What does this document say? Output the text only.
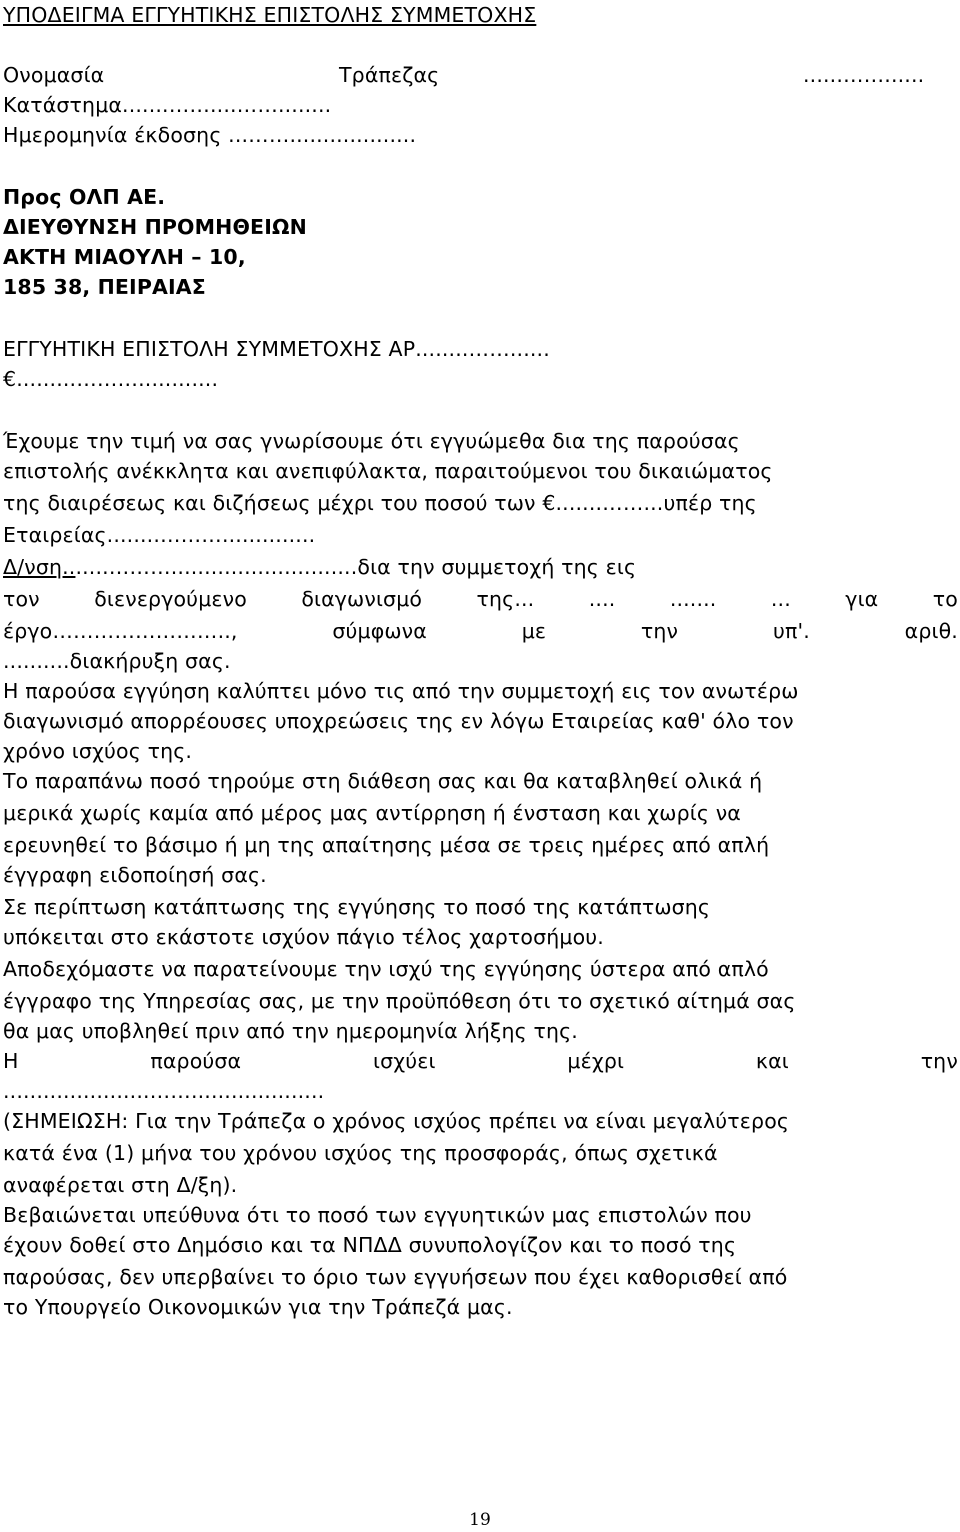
ΥΠΟΔΕΙΓΜΑ ΕΓΓΥΗΤΙΚΗΣ ΕΠΙΣΤΟΛΗΣ ΣΥΜΜΕΤΟΧΗΣ
Ονομασία	Τράπεζας	......……......
Κατάστημα.......……....……........
Ημερομηνία έκδοσης ...……...................
Προς ΟΛΠ ΑΕ.
ΔΙΕΥΘΥΝΣΗ ΠΡΟΜΗΘΕΙΩΝ
ΑΚΤΗ ΜΙΑΟΥΛΗ – 10,
185 38, ΠΕΙΡΑΙΑΣ
ΕΓΓΥΗΤΙΚΗ ΕΠΙΣΤΟΛΗ ΣΥΜΜΕΤΟΧΗΣ ΑΡ........……......
€.........………............
Έχουμε την τιμή να σας γνωρίσουμε ότι εγγυώμεθα δια της παρούσας
επιστολής ανέκκλητα και ανεπιφύλακτα, παραιτούμενοι του δικαιώματος
της διαιρέσεως και διζήσεως μέχρι του ποσού των €.......……...υπέρ της
Εταιρείας........………..............
Δ/νση.......………............................δια την συμμετοχή της εις
τον	διενεργούμενο	διαγωνισμό	της...	....	.......	...	για	το
έργο……………………..,	σύμφωνα	με	την	υπ'.	αριθ.
..........διακήρυξη σας.
Η παρούσα εγγύηση καλύπτει μόνο τις από την συμμετοχή εις τον ανωτέρω
διαγωνισμό απορρέουσες υποχρεώσεις της εν λόγω Εταιρείας καθ' όλο τον
χρόνο ισχύος της.
Το παραπάνω ποσό τηρούμε στη διάθεση σας και θα καταβληθεί ολικά ή
μερικά χωρίς καμία από μέρος μας αντίρρηση ή ένσταση και χωρίς να
ερευνηθεί το βάσιμο ή μη της απαίτησης μέσα σε τρεις ημέρες από απλή
έγγραφη ειδοποίησή σας.
Σε περίπτωση κατάπτωσης της εγγύησης το ποσό της κατάπτωσης
υπόκειται στο εκάστοτε ισχύον πάγιο τέλος χαρτοσήμου.
Αποδεχόμαστε να παρατείνουμε την ισχύ της εγγύησης ύστερα από απλό
έγγραφο της Υπηρεσίας σας, με την προϋπόθεση ότι το σχετικό αίτημά σας
θα μας υποβληθεί πριν από την ημερομηνία λήξης της.
Η	παρούσα	ισχύει	μέχρι	και	την
......................……....................
(ΣΗΜΕΙΩΣΗ: Για την Τράπεζα ο χρόνος ισχύος πρέπει να είναι μεγαλύτερος
κατά ένα (1) μήνα του χρόνου ισχύος της προσφοράς, όπως σχετικά
αναφέρεται στη Δ/ξη).
Βεβαιώνεται υπεύθυνα ότι το ποσό των εγγυητικών μας επιστολών που
έχουν δοθεί στο Δημόσιο και τα ΝΠΔΔ συνυπολογίζον και το ποσό της
παρούσας, δεν υπερβαίνει το όριο των εγγυήσεων που έχει καθορισθεί από
το Υπουργείο Οικονομικών για την Τράπεζά μας.
19
